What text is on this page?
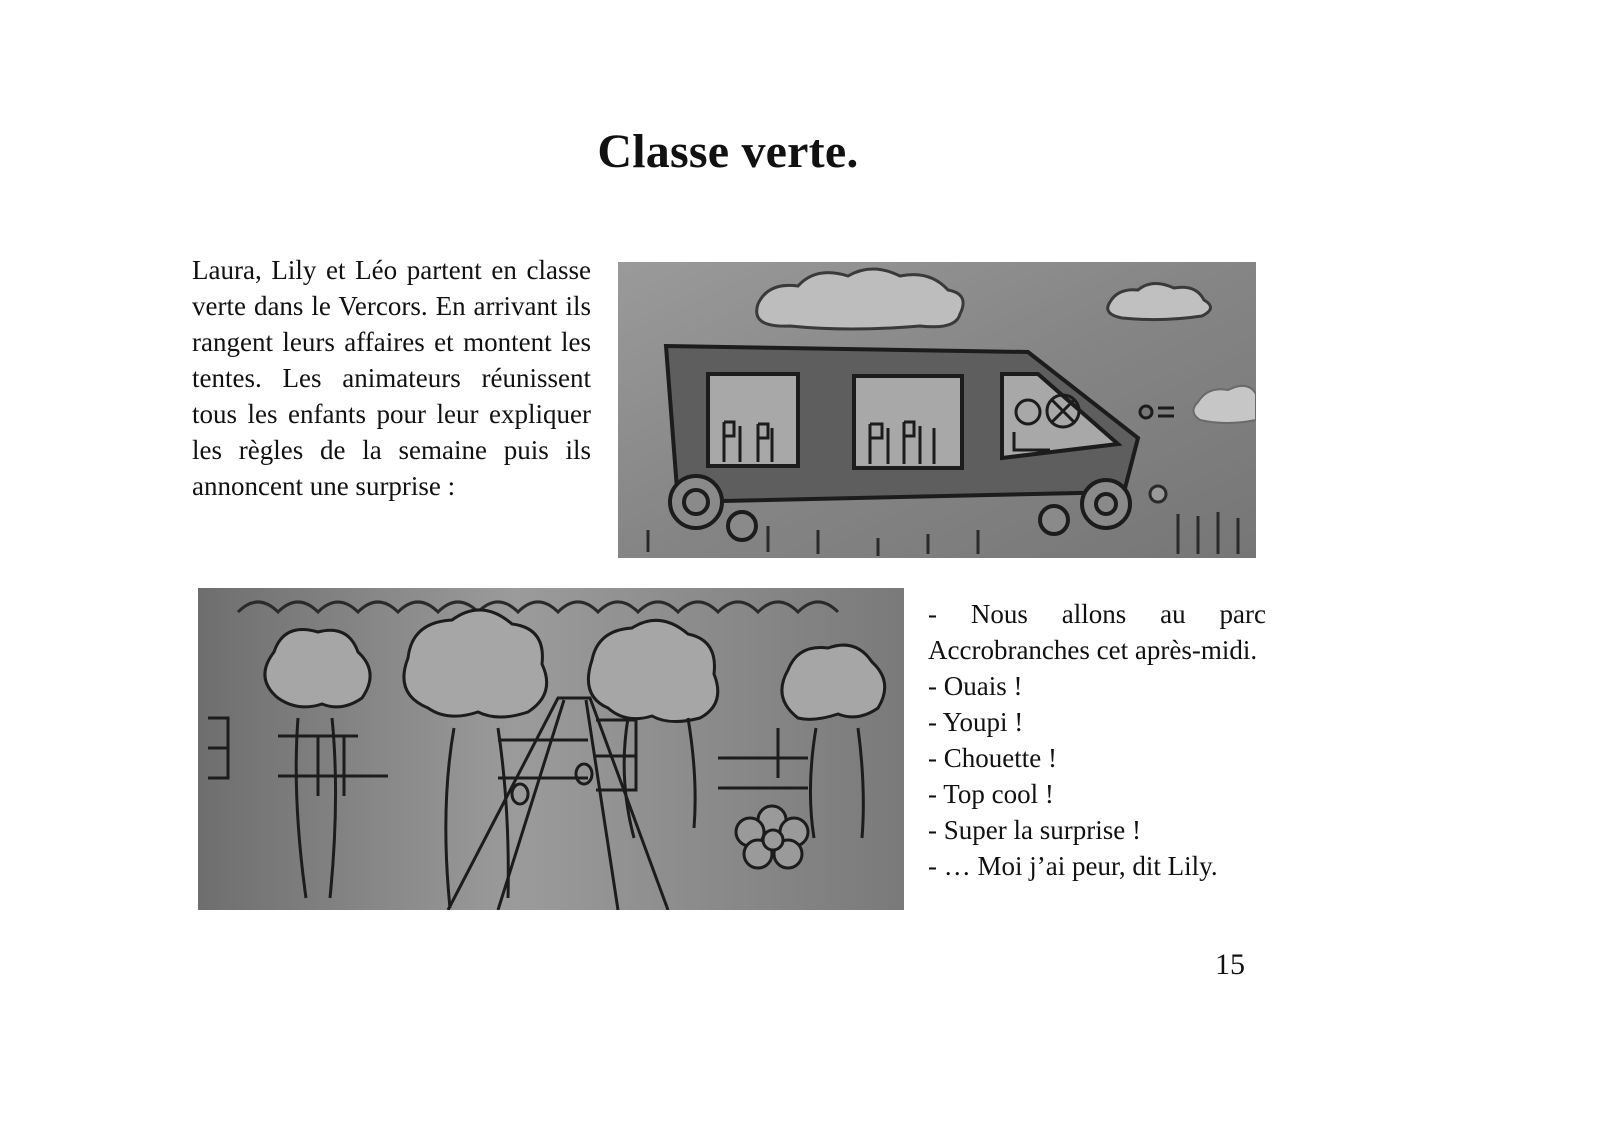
Classe verte.

Laura, Lily et Léo partent en classe verte dans le Vercors. En arrivant ils rangent leurs affaires et montent les tentes. Les animateurs réunissent tous les enfants pour leur expliquer les règles de la semaine puis ils annoncent une surprise :

- Nous allons au parc Accrobranches cet après-midi.

- Ouais !

- Youpi !

- Chouette !

- Top cool !

- Super la surprise !

- … Moi j’ai peur, dit Lily.

15
